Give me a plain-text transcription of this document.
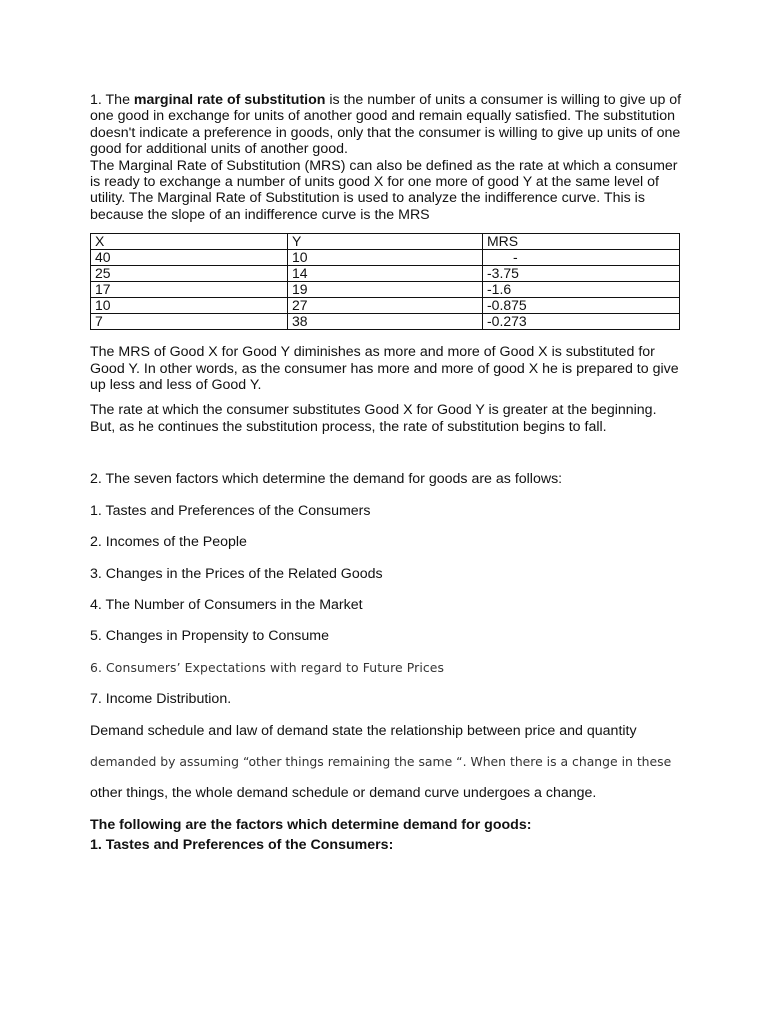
1. The marginal rate of substitution is the number of units a consumer is willing to give up of one good in exchange for units of another good and remain equally satisfied. The substitution doesn't indicate a preference in goods, only that the consumer is willing to give up units of one good for additional units of another good.

The Marginal Rate of Substitution (MRS) can also be defined as the rate at which a consumer is ready to exchange a number of units good X for one more of good Y at the same level of utility. The Marginal Rate of Substitution is used to analyze the indifference curve. This is because the slope of an indifference curve is the MRS

X	Y	MRS
40	10	-
25	14	-3.75
17	19	-1.6
10	27	-0.875
7	38	-0.273

The MRS of Good X for Good Y diminishes as more and more of Good X is substituted for Good Y. In other words, as the consumer has more and more of good X he is prepared to give up less and less of Good Y.

The rate at which the consumer substitutes Good X for Good Y is greater at the beginning. But, as he continues the substitution process, the rate of substitution begins to fall.

2. The seven factors which determine the demand for goods are as follows:

1. Tastes and Preferences of the Consumers

2. Incomes of the People

3. Changes in the Prices of the Related Goods

4. The Number of Consumers in the Market

5. Changes in Propensity to Consume

6. Consumers’ Expectations with regard to Future Prices

7. Income Distribution.

Demand schedule and law of demand state the relationship between price and quantity

demanded by assuming “other things remaining the same “. When there is a change in these

other things, the whole demand schedule or demand curve undergoes a change.

The following are the factors which determine demand for goods:

1. Tastes and Preferences of the Consumers:
